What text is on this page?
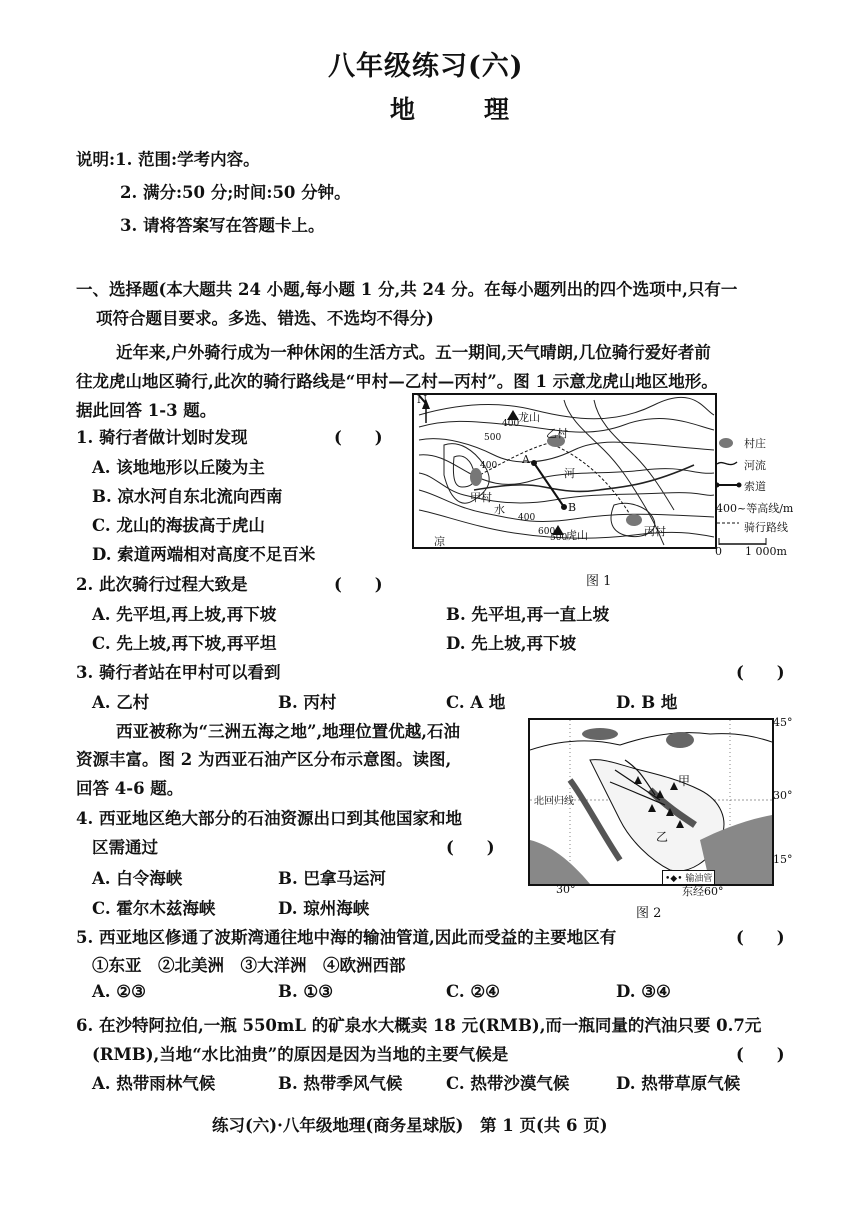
八年级练习(六)
地　理
说明:1. 范围:学考内容。
2. 满分:50 分;时间:50 分钟。
3. 请将答案写在答题卡上。
一、选择题(本大题共 24 小题,每小题 1 分,共 24 分。在每小题列出的四个选项中,只有一
项符合题目要求。多选、错选、不选均不得分)
近年来,户外骑行成为一种休闲的生活方式。五一期间,天气晴朗,几位骑行爱好者前
往龙虎山地区骑行,此次的骑行路线是“甲村—乙村—丙村”。图 1 示意龙虎山地区地形。
据此回答 1-3 题。
1. 骑行者做计划时发现	(　　)
A. 该地地形以丘陵为主
B. 凉水河自东北流向西南
C. 龙山的海拔高于虎山
D. 索道两端相对高度不足百米
N
龙山
乙村
甲村
丙村
虎山
A
B
河
水
凉
500
400
400
600
400
500
村庄
河流
索道
400~等高线/m
骑行路线
0 1 000m
图 1
2. 此次骑行过程大致是	(　　)
A. 先平坦,再上坡,再下坡	B. 先平坦,再一直上坡
C. 先上坡,再下坡,再平坦	D. 先上坡,再下坡
3. 骑行者站在甲村可以看到	(　　)
A. 乙村	B. 丙村	C. A 地	D. B 地
西亚被称为“三洲五海之地”,地理位置优越,石油
资源丰富。图 2 为西亚石油产区分布示意图。读图,
回答 4-6 题。
4. 西亚地区绝大部分的石油资源出口到其他国家和地
区需通过	(　　)
A. 白令海峡	B. 巴拿马运河
C. 霍尔木兹海峡	D. 琼州海峡
甲
乙
北回归线
•◆• 输油管
45°
30°
15°
30°	东经60°
图 2
5. 西亚地区修通了波斯湾通往地中海的输油管道,因此而受益的主要地区有	(　　)
①东亚　②北美洲　③大洋洲　④欧洲西部
A. ②③	B. ①③	C. ②④	D. ③④
6. 在沙特阿拉伯,一瓶 550mL 的矿泉水大概卖 18 元(RMB),而一瓶同量的汽油只要 0.7元
(RMB),当地“水比油贵”的原因是因为当地的主要气候是	(　　)
A. 热带雨林气候	B. 热带季风气候	C. 热带沙漠气候	D. 热带草原气候
练习(六)·八年级地理(商务星球版)　第 1 页(共 6 页)
